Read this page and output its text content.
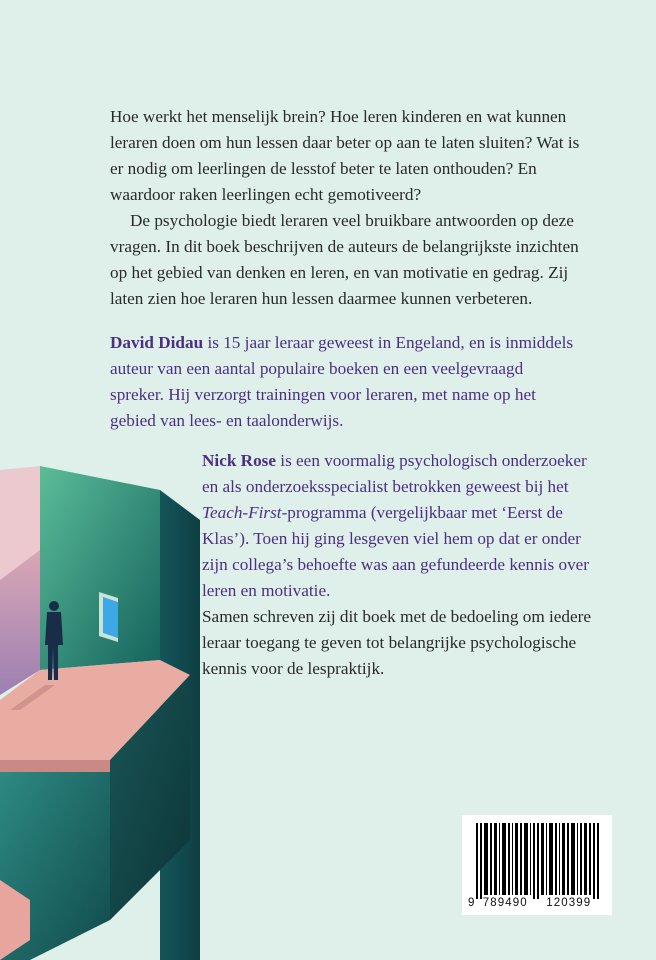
Hoe werkt het menselijk brein? Hoe leren kinderen en wat kunnen leraren doen om hun lessen daar beter op aan te laten sluiten? Wat is er nodig om leerlingen de lesstof beter te laten onthouden? En waardoor raken leerlingen echt gemotiveerd?

De psychologie biedt leraren veel bruikbare antwoorden op deze vragen. In dit boek beschrijven de auteurs de belangrijkste inzichten op het gebied van denken en leren, en van motivatie en gedrag. Zij laten zien hoe leraren hun lessen daarmee kunnen verbeteren.

David Didau is 15 jaar leraar geweest in Engeland, en is inmiddels auteur van een aantal populaire boeken en een veelgevraagd spreker. Hij verzorgt trainingen voor leraren, met name op het gebied van lees- en taalonderwijs.

Nick Rose is een voormalig psychologisch onderzoeker en als onderzoeksspecialist betrokken geweest bij het Teach-First-programma (vergelijkbaar met ‘Eerst de Klas’). Toen hij ging lesgeven viel hem op dat er onder zijn collega’s behoefte was aan gefundeerde kennis over leren en motivatie.

Samen schreven zij dit boek met de bedoeling om iedere leraar toegang te geven tot belangrijke psychologische kennis voor de lespraktijk.

9 789490 120399
